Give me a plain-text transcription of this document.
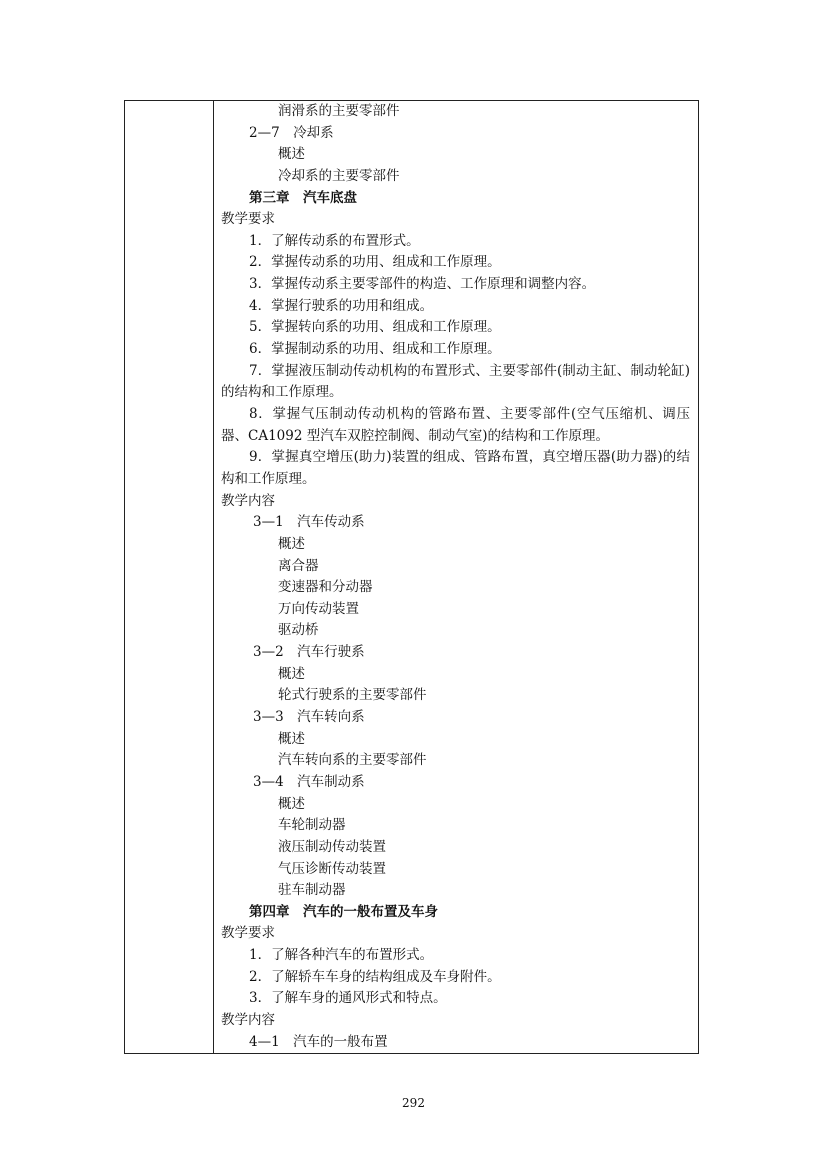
润滑系的主要零部件
2—7　冷却系
概述
冷却系的主要零部件
第三章　汽车底盘
教学要求
1．了解传动系的布置形式。
2．掌握传动系的功用、组成和工作原理。
3．掌握传动系主要零部件的构造、工作原理和调整内容。
4．掌握行驶系的功用和组成。
5．掌握转向系的功用、组成和工作原理。
6．掌握制动系的功用、组成和工作原理。
7．掌握液压制动传动机构的布置形式、主要零部件(制动主缸、制动轮缸)的结构和工作原理。
8．掌握气压制动传动机构的管路布置、主要零部件(空气压缩机、调压器、CA1092 型汽车双腔控制阀、制动气室)的结构和工作原理。
9．掌握真空增压(助力)装置的组成、管路布置，真空增压器(助力器)的结构和工作原理。
教学内容
3—1　汽车传动系
概述
离合器
变速器和分动器
万向传动装置
驱动桥
3—2　汽车行驶系
概述
轮式行驶系的主要零部件
3—3　汽车转向系
概述
汽车转向系的主要零部件
3—4　汽车制动系
概述
车轮制动器
液压制动传动装置
气压诊断传动装置
驻车制动器
第四章　汽车的一般布置及车身
教学要求
1．了解各种汽车的布置形式。
2．了解轿车车身的结构组成及车身附件。
3．了解车身的通风形式和特点。
教学内容
4—1　汽车的一般布置
292
